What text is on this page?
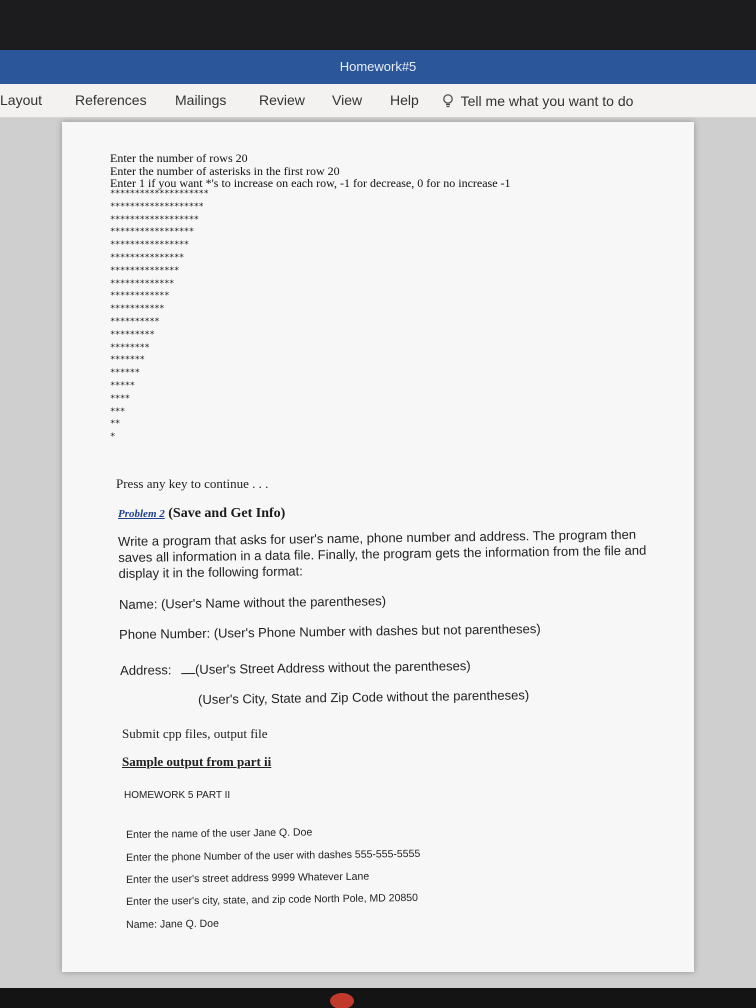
Homework#5
Layout References Mailings Review View Help	Tell me what you want to do
Enter the number of rows 20
Enter the number of asterisks in the first row 20
Enter 1 if you want *'s to increase on each row, -1 for decrease, 0 for no increase -1
********************
*******************
******************
*****************
****************
***************
**************
*************
************
***********
**********
*********
********
*******
******
*****
****
***
**
*
Press any key to continue . . .
Problem 2 (Save and Get Info)
Write a program that asks for user's name, phone number and address. The program then saves all information in a data file. Finally, the program gets the information from the file and display it in the following format:
Name: (User's Name without the parentheses)
Phone Number: (User's Phone Number with dashes but not parentheses)
Address: (User's Street Address without the parentheses)
(User's City, State and Zip Code without the parentheses)
Submit cpp files, output file
Sample output from part ii
HOMEWORK 5 PART II
Enter the name of the user Jane Q. Doe
Enter the phone Number of the user with dashes 555-555-5555
Enter the user's street address 9999 Whatever Lane
Enter the user's city, state, and zip code North Pole, MD 20850
Name: Jane Q. Doe
